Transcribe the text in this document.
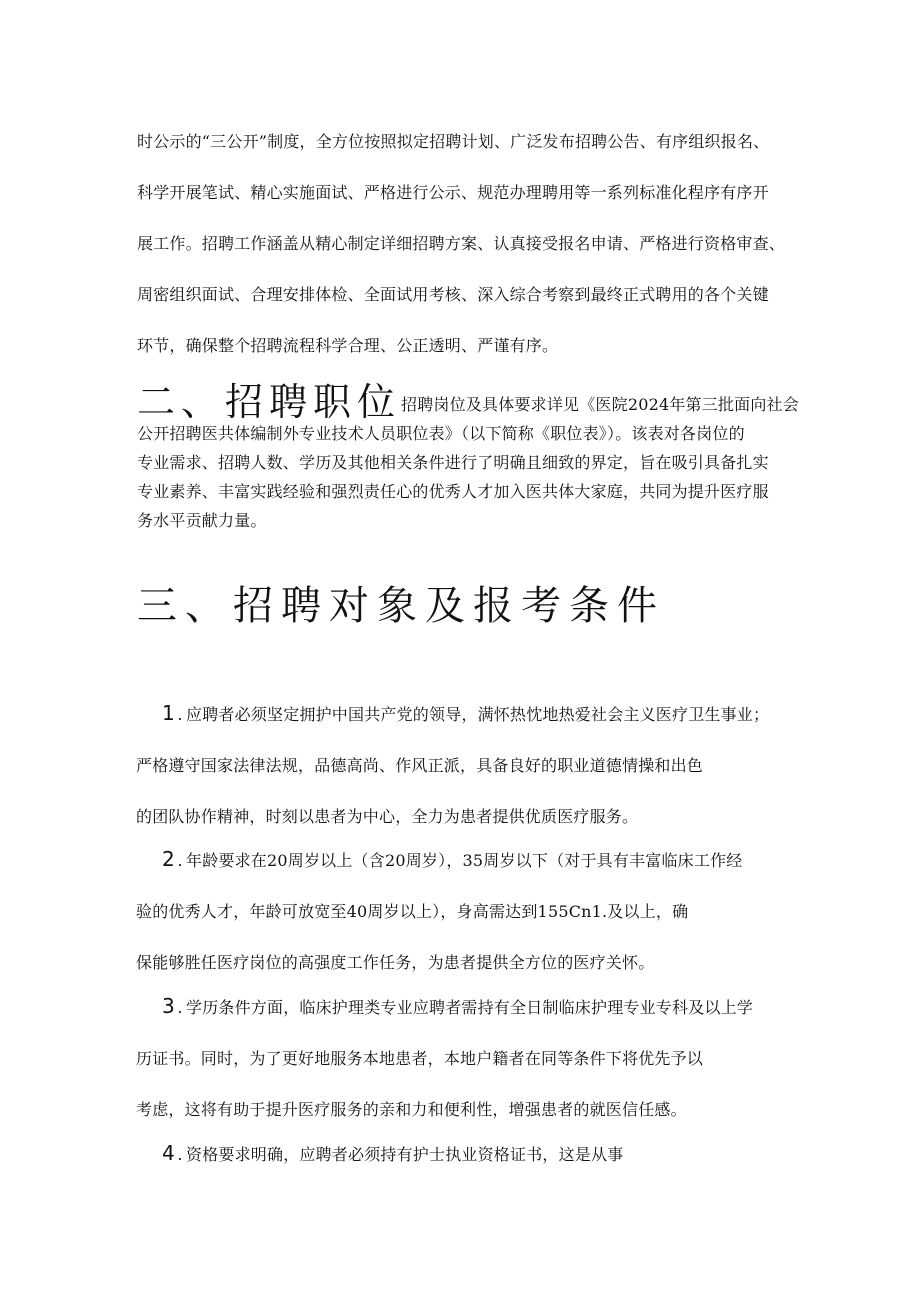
时公示的“三公开”制度，全方位按照拟定招聘计划、广泛发布招聘公告、有序组织报名、
科学开展笔试、精心实施面试、严格进行公示、规范办理聘用等一系列标准化程序有序开
展工作。招聘工作涵盖从精心制定详细招聘方案、认真接受报名申请、严格进行资格审查、
周密组织面试、合理安排体检、全面试用考核、深入综合考察到最终正式聘用的各个关键
环节，确保整个招聘流程科学合理、公正透明、严谨有序。

二、招聘职位招聘岗位及具体要求详见《医院2024年第三批面向社会
公开招聘医共体编制外专业技术人员职位表》（以下简称《职位表》）。该表对各岗位的
专业需求、招聘人数、学历及其他相关条件进行了明确且细致的界定，旨在吸引具备扎实
专业素养、丰富实践经验和强烈责任心的优秀人才加入医共体大家庭，共同为提升医疗服
务水平贡献力量。

三、招聘对象及报考条件
1 . 应聘者必须坚定拥护中国共产党的领导，满怀热忱地热爱社会主义医疗卫生事业；
严格遵守国家法律法规，品德高尚、作风正派，具备良好的职业道德情操和出色
的团队协作精神，时刻以患者为中心，全力为患者提供优质医疗服务。
2 . 年龄要求在20周岁以上（含20周岁），35周岁以下（对于具有丰富临床工作经
验的优秀人才，年龄可放宽至40周岁以上），身高需达到155Cn1.及以上，确
保能够胜任医疗岗位的高强度工作任务，为患者提供全方位的医疗关怀。
3 . 学历条件方面，临床护理类专业应聘者需持有全日制临床护理专业专科及以上学
历证书。同时，为了更好地服务本地患者，本地户籍者在同等条件下将优先予以
考虑，这将有助于提升医疗服务的亲和力和便利性，增强患者的就医信任感。
4 . 资格要求明确，应聘者必须持有护士执业资格证书，这是从事
